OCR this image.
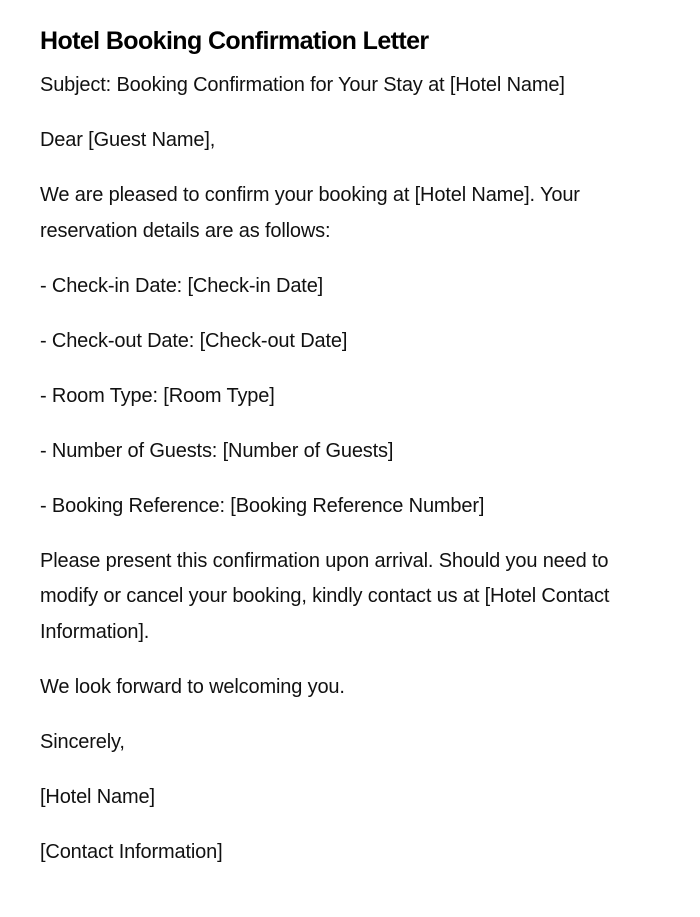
Hotel Booking Confirmation Letter

Subject: Booking Confirmation for Your Stay at [Hotel Name]

Dear [Guest Name],

We are pleased to confirm your booking at [Hotel Name]. Your reservation details are as follows:

- Check-in Date: [Check-in Date]

- Check-out Date: [Check-out Date]

- Room Type: [Room Type]

- Number of Guests: [Number of Guests]

- Booking Reference: [Booking Reference Number]

Please present this confirmation upon arrival. Should you need to modify or cancel your booking, kindly contact us at [Hotel Contact Information].

We look forward to welcoming you.

Sincerely,

[Hotel Name]

[Contact Information]
